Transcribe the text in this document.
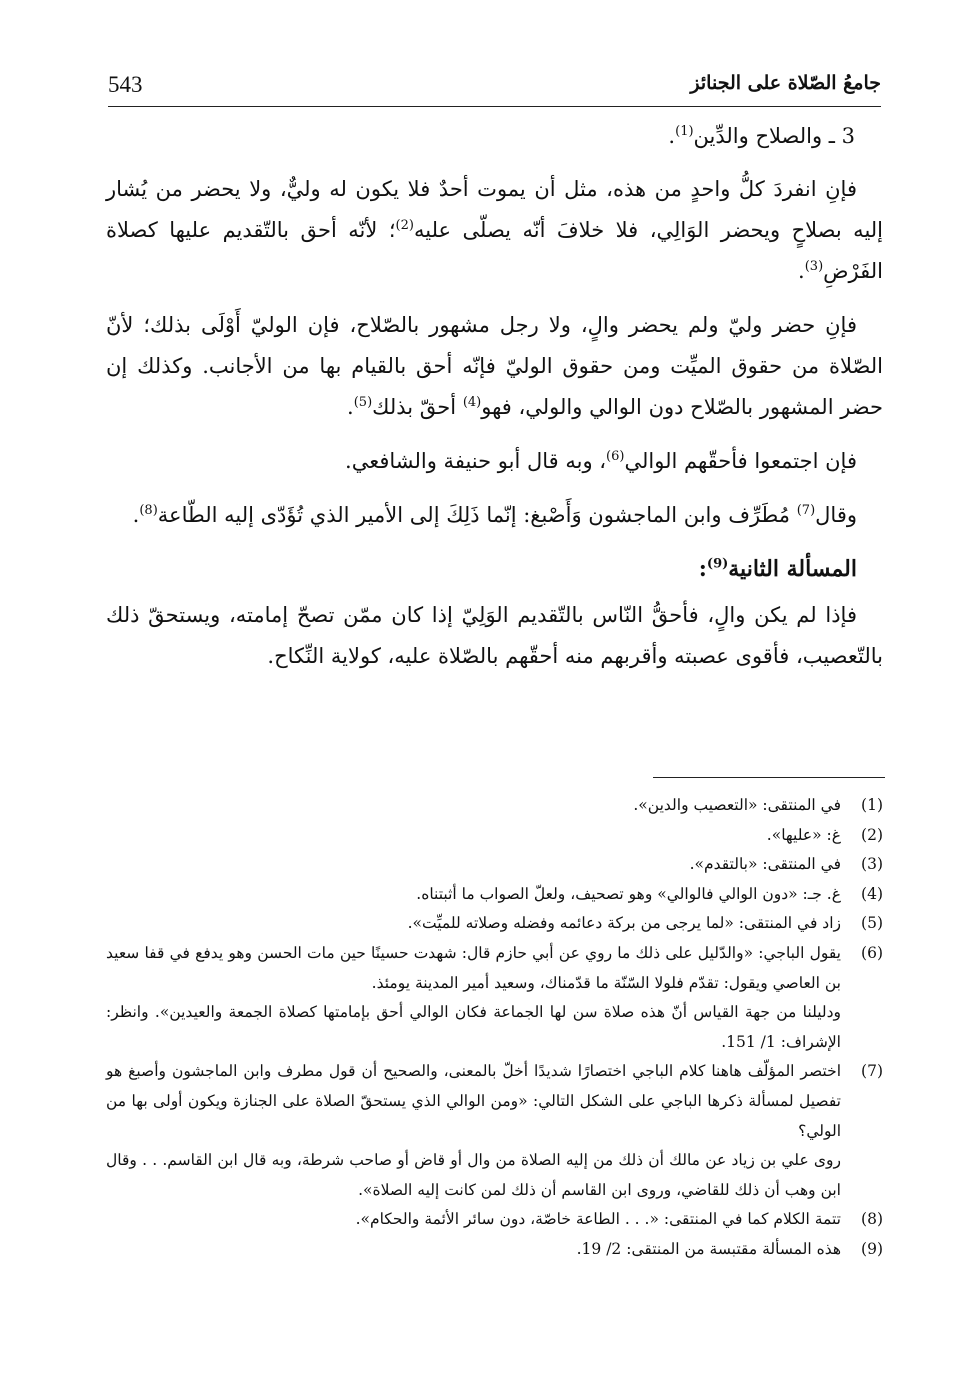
543	جامعُ الصّلاة على الجنائز

3 ـ والصلاح والدِّين$^{(1)}$.

فإنِ انفردَ كلُّ واحدٍ من هذه، مثل أن يموت أحدٌ فلا يكون له وليٌّ، ولا يحضر من يُشار إليه بصلاحٍ ويحضر الوَالِي، فلا خلافَ أنّه يصلّى عليه$^{(2)}$؛ لأنّه أحق بالتّقديم عليها كصلاة الفَرْضِ$^{(3)}$.

فإنِ حضر وليّ ولم يحضر والٍ، ولا رجل مشهور بالصّلاح، فإن الوليّ أَوْلَى بذلك؛ لأنّ الصّلاة من حقوق الميِّت ومن حقوق الوليّ فإنّه أحق بالقيام بها من الأجانب. وكذلك إن حضر المشهور بالصّلاح دون الوالي والولي، فهو$^{(4)}$ أحقّ بذلك$^{(5)}$.

فإن اجتمعوا فأحقّهم الوالي$^{(6)}$، وبه قال أبو حنيفة والشافعي.

وقال$^{(7)}$ مُطَرِّف وابن الماجشون وَأَصْبغ: إنّما ذَلِكَ إلى الأمير الذي تُؤَدّى إليه الطّاعة$^{(8)}$.

المسألة الثانية$^{(9)}$:

فإذا لم يكن والٍ، فأحقُّ النّاس بالتّقديم الوَلِيّ إذا كان ممّن تصحّ إمامته، ويستحقّ ذلك بالتّعصيب، فأقوى عصبته وأقربهم منه أحقّهم بالصّلاة عليه، كولاية النِّكاح.

(1)
في المنتقى: «التعصيب والدين».
(2)
غ: «عليها».
(3)
في المنتقى: «بالتقدم».
(4)
غ. جـ: «دون الوالي فالوالي» وهو تصحيف، ولعلّ الصواب ما أثبتناه.
(5)
زاد في المنتقى: «لما يرجى من بركة دعائمه وفضله وصلاته للميِّت».
(6)
يقول الباجي: «والدّليل على ذلك ما روي عن أبي حازم قال: شهدت حسينًا حين مات الحسن وهو يدفع في قفا سعيد بن العاصي ويقول: تقدّم فلولا السّنّة ما قدّمناك، وسعيد أمير المدينة يومئذ.
ودليلنا من جهة القياس أنّ هذه صلاة سن لها الجماعة فكان الوالي أحق بإمامتها كصلاة الجمعة والعيدين». وانظر: الإشراف: 1/ 151.
(7)
اختصر المؤلّف هاهنا كلام الباجي اختصارًا شديدًا أخلّ بالمعنى، والصحيح أن قول مطرف وابن الماجشون وأصبغ هو تفصيل لمسألة ذكرها الباجي على الشكل التالي: «ومن الوالي الذي يستحقّ الصلاة على الجنازة ويكون أولى بها من الولي؟
روى علي بن زياد عن مالك أن ذلك من إليه الصلاة من وال أو قاض أو صاحب شرطة، وبه قال ابن القاسم. . . وقال ابن وهب أن ذلك للقاضي، وروى ابن القاسم أن ذلك لمن كانت إليه الصلاة».
(8)
تتمة الكلام كما في المنتقى: «. . . الطاعة خاصّة، دون سائر الأئمة والحكام».
(9)
هذه المسألة مقتبسة من المنتقى: 2/ 19.
